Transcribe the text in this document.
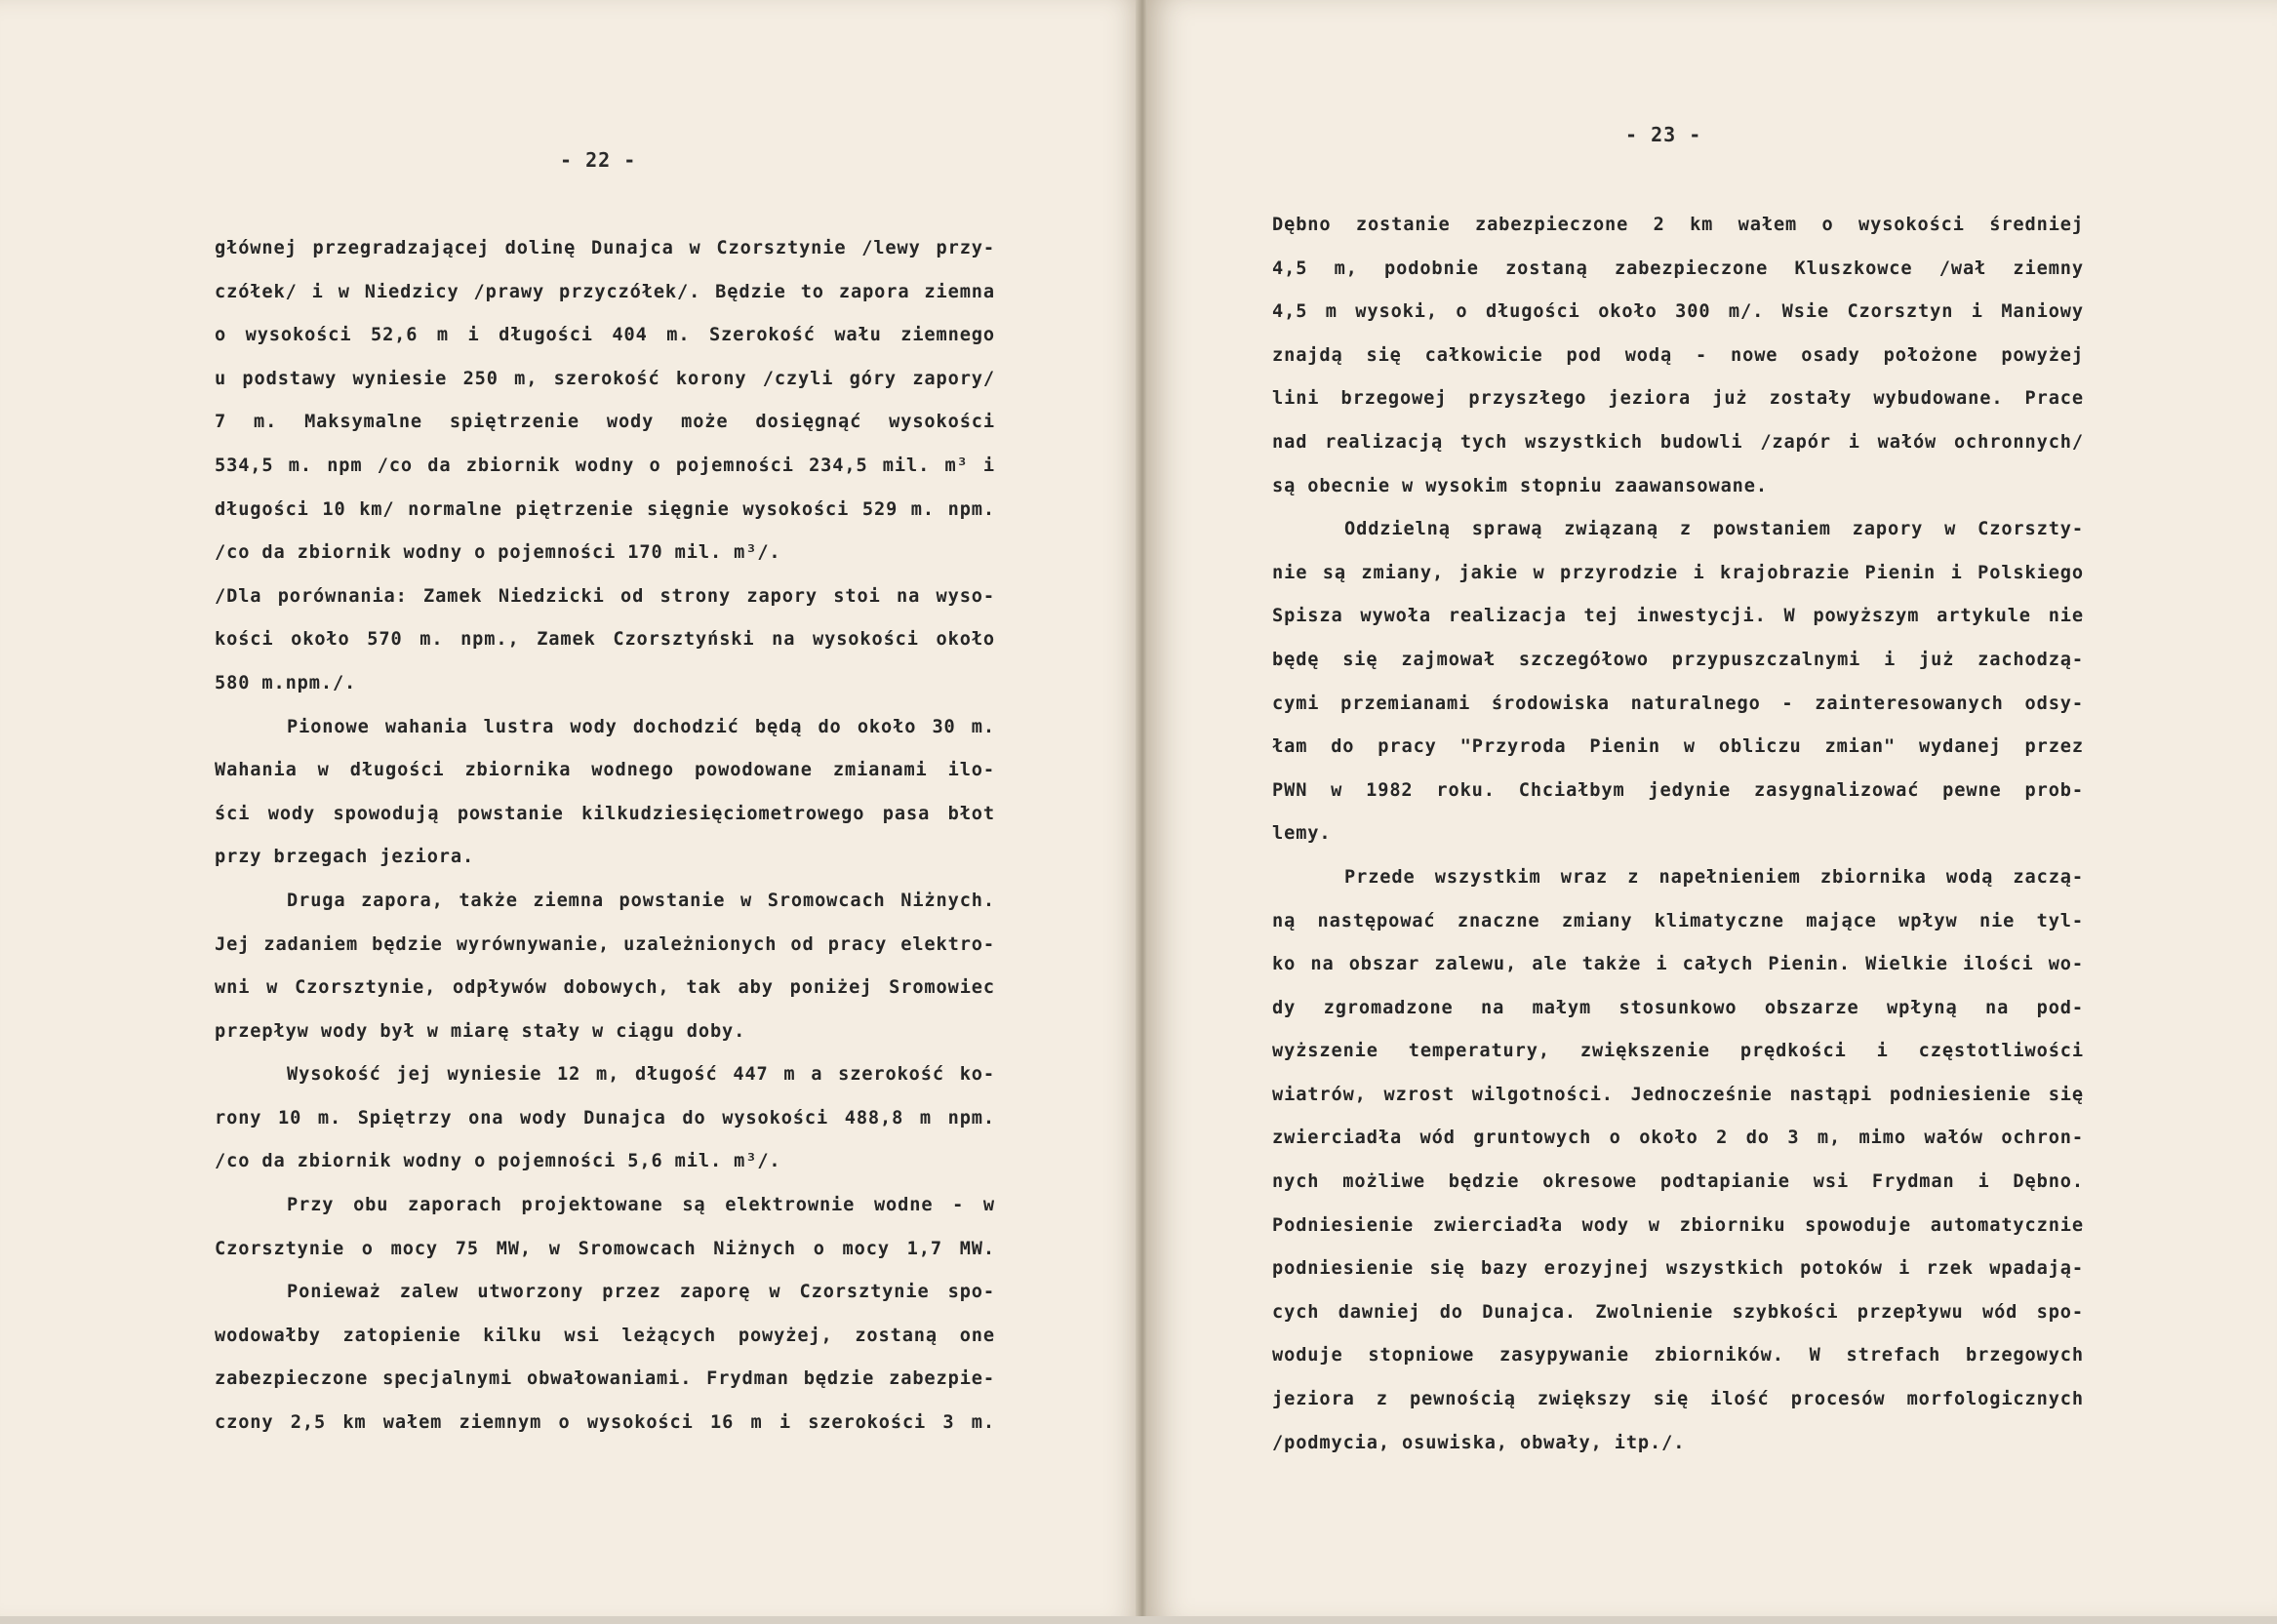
- 22 -
głównej przegradzającej dolinę Dunajca w Czorsztynie /lewy przy-
czółek/ i w Niedzicy /prawy przyczółek/. Będzie to zapora ziemna
o wysokości 52,6 m i długości 404 m. Szerokość wału ziemnego
u podstawy wyniesie 250 m, szerokość korony /czyli góry zapory/
7 m. Maksymalne spiętrzenie wody może dosięgnąć wysokości
534,5 m. npm /co da zbiornik wodny o pojemności 234,5 mil. m³ i
długości 10 km/ normalne piętrzenie sięgnie wysokości 529 m. npm.
/co da zbiornik wodny o pojemności 170 mil. m³/.
/Dla porównania: Zamek Niedzicki od strony zapory stoi na wyso-
kości około 570 m. npm., Zamek Czorsztyński na wysokości około
580 m.npm./.
Pionowe wahania lustra wody dochodzić będą do około 30 m.
Wahania w długości zbiornika wodnego powodowane zmianami ilo-
ści wody spowodują powstanie kilkudziesięciometrowego pasa błot
przy brzegach jeziora.
Druga zapora, także ziemna powstanie w Sromowcach Niżnych.
Jej zadaniem będzie wyrównywanie, uzależnionych od pracy elektro-
wni w Czorsztynie, odpływów dobowych, tak aby poniżej Sromowiec
przepływ wody był w miarę stały w ciągu doby.
Wysokość jej wyniesie 12 m, długość 447 m a szerokość ko-
rony 10 m. Spiętrzy ona wody Dunajca do wysokości 488,8 m npm.
/co da zbiornik wodny o pojemności 5,6 mil. m³/.
Przy obu zaporach projektowane są elektrownie wodne - w
Czorsztynie o mocy 75 MW, w Sromowcach Niżnych o mocy 1,7 MW.
Ponieważ zalew utworzony przez zaporę w Czorsztynie spo-
wodowałby zatopienie kilku wsi leżących powyżej, zostaną one
zabezpieczone specjalnymi obwałowaniami. Frydman będzie zabezpie-
czony 2,5 km wałem ziemnym o wysokości 16 m i szerokości 3 m.
- 23 -
Dębno zostanie zabezpieczone 2 km wałem o wysokości średniej
4,5 m, podobnie zostaną zabezpieczone Kluszkowce /wał ziemny
4,5 m wysoki, o długości około 300 m/. Wsie Czorsztyn i Maniowy
znajdą się całkowicie pod wodą - nowe osady położone powyżej
lini brzegowej przyszłego jeziora już zostały wybudowane. Prace
nad realizacją tych wszystkich budowli /zapór i wałów ochronnych/
są obecnie w wysokim stopniu zaawansowane.
Oddzielną sprawą związaną z powstaniem zapory w Czorszty-
nie są zmiany, jakie w przyrodzie i krajobrazie Pienin i Polskiego
Spisza wywoła realizacja tej inwestycji. W powyższym artykule nie
będę się zajmował szczegółowo przypuszczalnymi i już zachodzą-
cymi przemianami środowiska naturalnego - zainteresowanych odsy-
łam do pracy "Przyroda Pienin w obliczu zmian" wydanej przez
PWN w 1982 roku. Chciałbym jedynie zasygnalizować pewne prob-
lemy.
Przede wszystkim wraz z napełnieniem zbiornika wodą zaczą-
ną następować znaczne zmiany klimatyczne mające wpływ nie tyl-
ko na obszar zalewu, ale także i całych Pienin. Wielkie ilości wo-
dy zgromadzone na małym stosunkowo obszarze wpłyną na pod-
wyższenie temperatury, zwiększenie prędkości i częstotliwości
wiatrów, wzrost wilgotności. Jednocześnie nastąpi podniesienie się
zwierciadła wód gruntowych o około 2 do 3 m, mimo wałów ochron-
nych możliwe będzie okresowe podtapianie wsi Frydman i Dębno.
Podniesienie zwierciadła wody w zbiorniku spowoduje automatycznie
podniesienie się bazy erozyjnej wszystkich potoków i rzek wpadają-
cych dawniej do Dunajca. Zwolnienie szybkości przepływu wód spo-
woduje stopniowe zasypywanie zbiorników. W strefach brzegowych
jeziora z pewnością zwiększy się ilość procesów morfologicznych
/podmycia, osuwiska, obwały, itp./.
